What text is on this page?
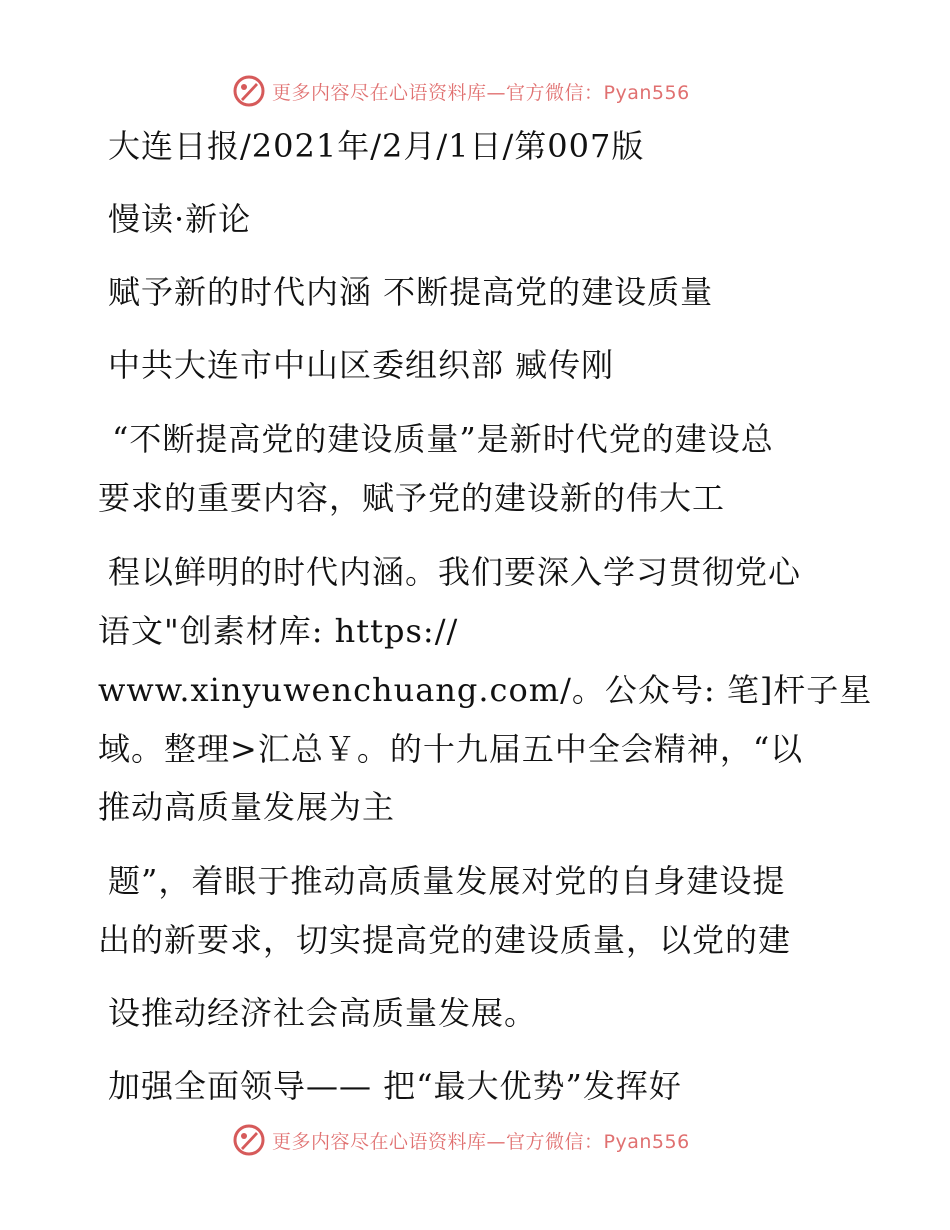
更多内容尽在心语资料库—官方微信：Pyan556
大连日报/2021年/2月/1日/第007版
慢读·新论
赋予新的时代内涵 不断提高党的建设质量
中共大连市中山区委组织部 臧传刚
“不断提高党的建设质量”是新时代党的建设总
要求的重要内容，赋予党的建设新的伟大工
程以鲜明的时代内涵。我们要深入学习贯彻党心
语文"创素材库: https://
www.xinyuwenchuang.com/。公众号: 笔]杆子星
域。整理>汇总￥。的十九届五中全会精神，“以
推动高质量发展为主
题”，着眼于推动高质量发展对党的自身建设提
出的新要求，切实提高党的建设质量，以党的建
设推动经济社会高质量发展。
加强全面领导—— 把“最大优势”发挥好
更多内容尽在心语资料库—官方微信：Pyan556
